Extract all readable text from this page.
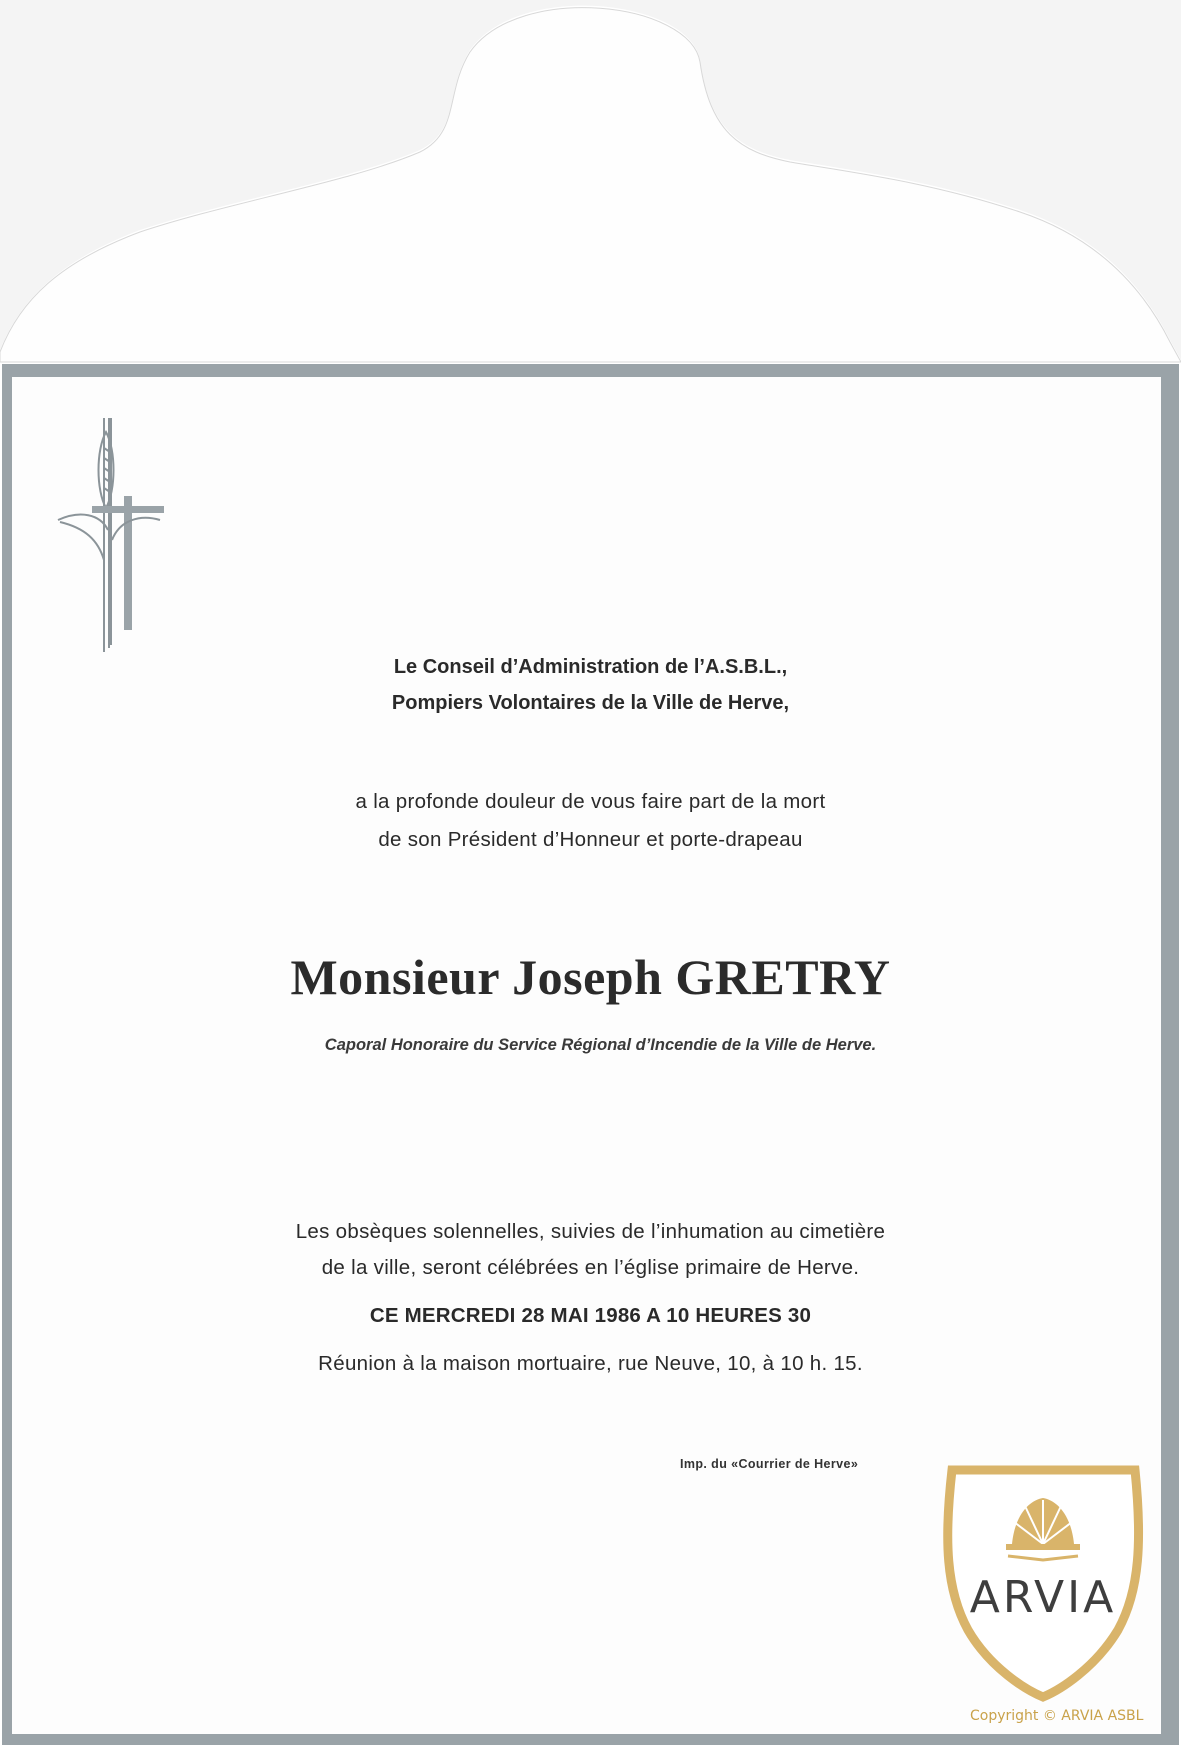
Le Conseil d’Administration de l’A.S.B.L.,
Pompiers Volontaires de la Ville de Herve,
a la profonde douleur de vous faire part de la mort
de son Président d’Honneur et porte-drapeau
Monsieur Joseph GRETRY
Caporal Honoraire du Service Régional d’Incendie de la Ville de Herve.
Les obsèques solennelles, suivies de l’inhumation au cimetière
de la ville, seront célébrées en l’église primaire de Herve.
CE MERCREDI 28 MAI 1986 A 10 HEURES 30
Réunion à la maison mortuaire, rue Neuve, 10, à 10 h. 15.
Imp. du «Courrier de Herve»
ARVIA
Copyright © ARVIA ASBL
